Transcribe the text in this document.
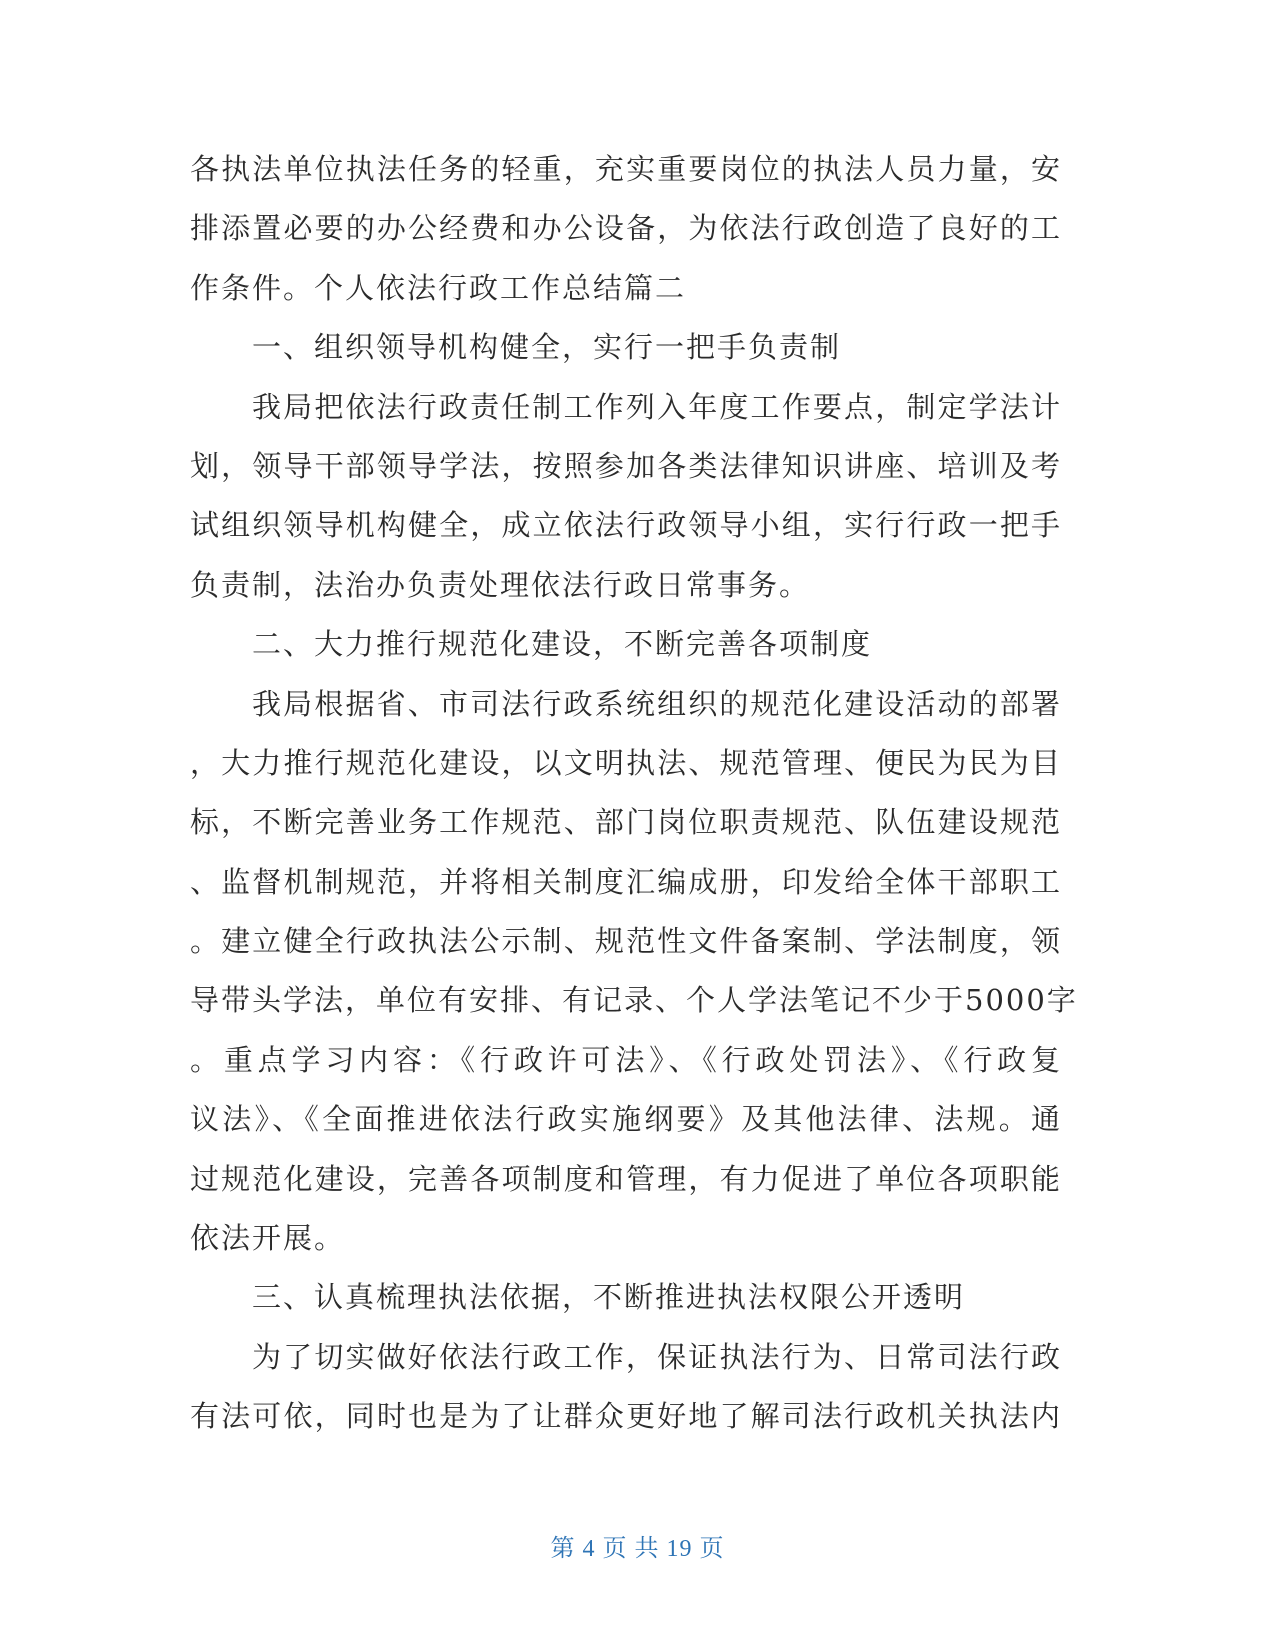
各执法单位执法任务的轻重，充实重要岗位的执法人员力量，安
排添置必要的办公经费和办公设备，为依法行政创造了良好的工
作条件。个人依法行政工作总结篇二
一、组织领导机构健全，实行一把手负责制
我局把依法行政责任制工作列入年度工作要点，制定学法计
划，领导干部领导学法，按照参加各类法律知识讲座、培训及考
试组织领导机构健全，成立依法行政领导小组，实行行政一把手
负责制，法治办负责处理依法行政日常事务。
二、大力推行规范化建设，不断完善各项制度
我局根据省、市司法行政系统组织的规范化建设活动的部署
，大力推行规范化建设，以文明执法、规范管理、便民为民为目
标，不断完善业务工作规范、部门岗位职责规范、队伍建设规范
、监督机制规范，并将相关制度汇编成册，印发给全体干部职工
。建立健全行政执法公示制、规范性文件备案制、学法制度，领
导带头学法，单位有安排、有记录、个人学法笔记不少于5000字
。重点学习内容：《行政许可法》、《行政处罚法》、《行政复
议法》、《全面推进依法行政实施纲要》及其他法律、法规。通
过规范化建设，完善各项制度和管理，有力促进了单位各项职能
依法开展。
三、认真梳理执法依据，不断推进执法权限公开透明
为了切实做好依法行政工作，保证执法行为、日常司法行政
有法可依，同时也是为了让群众更好地了解司法行政机关执法内
第 4 页 共 19 页
